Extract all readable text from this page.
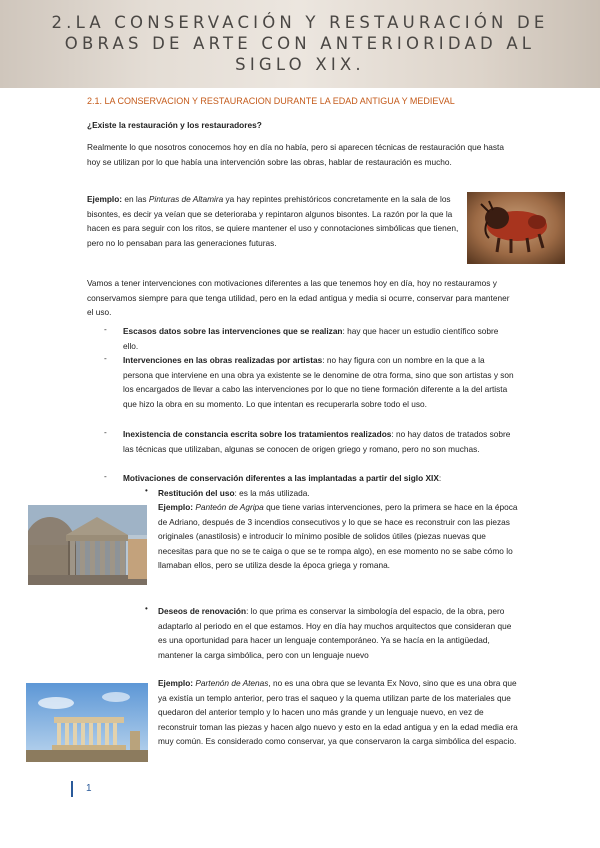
2.LA CONSERVACIÓN Y RESTAURACIÓN DE
OBRAS DE ARTE CON ANTERIORIDAD AL
SIGLO XIX.
2.1. LA CONSERVACION Y RESTAURACION DURANTE LA EDAD ANTIGUA Y MEDIEVAL
¿Existe la restauración y los restauradores?
Realmente lo que nosotros conocemos hoy en día no había, pero si aparecen técnicas de restauración que hasta hoy se utilizan por lo que había una intervención sobre las obras, hablar de restauración es mucho.
Ejemplo: en las Pinturas de Altamira ya hay repintes prehistóricos concretamente en la sala de los bisontes, es decir ya veían que se deterioraba y repintaron algunos bisontes. La razón por la que la hacen es para seguir con los ritos, se quiere mantener el uso y connotaciones simbólicas que tienen, pero no lo pensaban para las generaciones futuras.
Vamos a tener intervenciones con motivaciones diferentes a las que tenemos hoy en día, hoy no restauramos y conservamos siempre para que tenga utilidad, pero en la edad antigua y media si ocurre, conservar para mantener el uso.
- Escasos datos sobre las intervenciones que se realizan: hay que hacer un estudio científico sobre ello.
- Intervenciones en las obras realizadas por artistas: no hay figura con un nombre en la que a la persona que interviene en una obra ya existente se le denomine de otra forma, sino que son artistas y son los encargados de llevar a cabo las intervenciones por lo que no tiene formación diferente a la del artista que hizo la obra en su momento. Lo que intentan es recuperarla sobre todo el uso.
- Inexistencia de constancia escrita sobre los tratamientos realizados: no hay datos de tratados sobre las técnicas que utilizaban, algunas se conocen de origen griego y romano, pero no son muchas.
- Motivaciones de conservación diferentes a las implantadas a partir del siglo XIX:
• Restitución del uso: es la más utilizada.
Ejemplo: Panteón de Agripa que tiene varias intervenciones, pero la primera se hace en la época de Adriano, después de 3 incendios consecutivos y lo que se hace es reconstruir con las piezas originales (anastilosis) e introducir lo mínimo posible de solidos útiles (piezas nuevas que necesitas para que no se te caiga o que se te rompa algo), en ese momento no se sabe cómo lo llamaban ellos, pero se utiliza desde la época griega y romana.
• Deseos de renovación: lo que prima es conservar la simbología del espacio, de la obra, pero adaptarlo al periodo en el que estamos. Hoy en día hay muchos arquitectos que consideran que es una oportunidad para hacer un lenguaje contemporáneo. Ya se hacía en la antigüedad, mantener la carga simbólica, pero con un lenguaje nuevo
Ejemplo: Partenón de Atenas, no es una obra que se levanta Ex Novo, sino que es una obra que ya existía un templo anterior, pero tras el saqueo y la quema utilizan parte de los materiales que quedaron del anterior templo y lo hacen uno más grande y un lenguaje nuevo, en vez de reconstruir toman las piezas y hacen algo nuevo y esto en la edad antigua y en la edad media era muy común. Es considerado como conservar, ya que conservaron la carga simbólica del espacio.
1
